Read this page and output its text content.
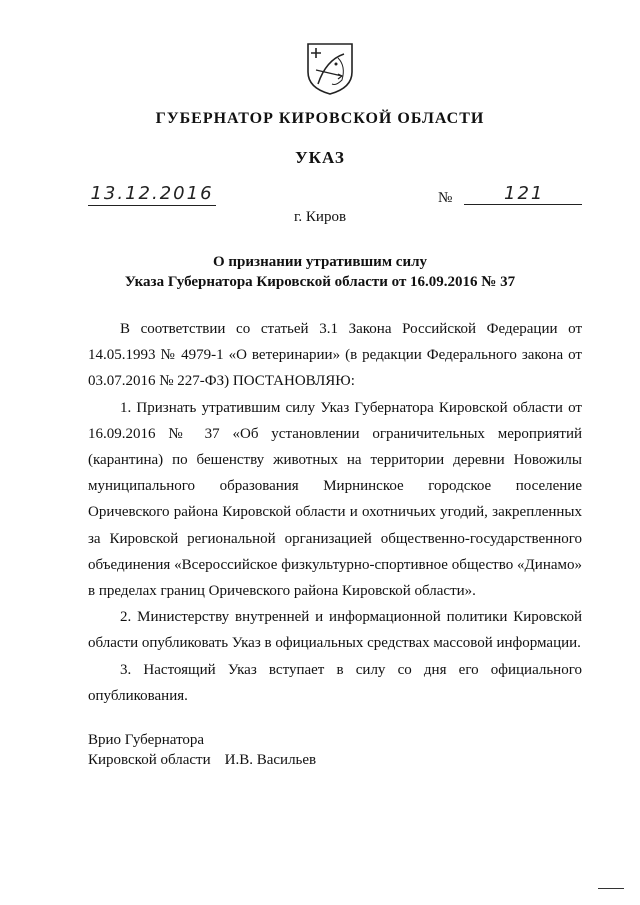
ГУБЕРНАТОР КИРОВСКОЙ ОБЛАСТИ
УКАЗ
13.12.2016	№	121
г. Киров
О признании утратившим силу
Указа Губернатора Кировской области от 16.09.2016 № 37

В соответствии со статьей 3.1 Закона Российской Федерации от 14.05.1993 № 4979-1 «О ветеринарии» (в редакции Федерального закона от 03.07.2016 № 227-ФЗ) ПОСТАНОВЛЯЮ:

1. Признать утратившим силу Указ Губернатора Кировской области от 16.09.2016 № 37 «Об установлении ограничительных мероприятий (карантина) по бешенству животных на территории деревни Новожилы муниципального образования Мирнинское городское поселение Оричевского района Кировской области и охотничьих угодий, закрепленных за Кировской региональной организацией общественно-государственного объединения «Всероссийское физкультурно-спортивное общество «Динамо» в пределах границ Оричевского района Кировской области».

2. Министерству внутренней и информационной политики Кировской области опубликовать Указ в официальных средствах массовой информации.

3. Настоящий Указ вступает в силу со дня его официального опубликования.

Врио Губернатора
Кировской области И.В. Васильев
